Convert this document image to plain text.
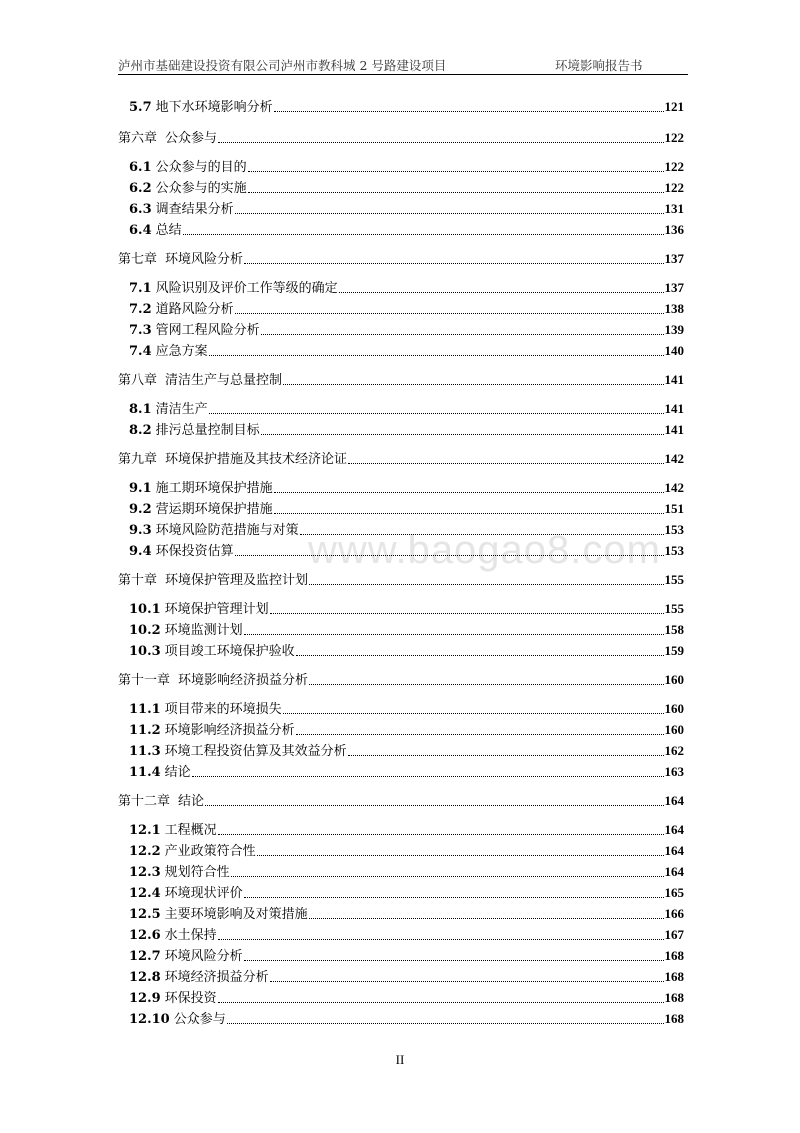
泸州市基础建设投资有限公司泸州市教科城 2 号路建设项目	环境影响报告书
www.baogao8.com
5.7 地下水环境影响分析	121
第六章 公众参与	122
6.1 公众参与的目的	122
6.2 公众参与的实施	122
6.3 调查结果分析	131
6.4 总结	136
第七章 环境风险分析	137
7.1 风险识别及评价工作等级的确定	137
7.2 道路风险分析	138
7.3 管网工程风险分析	139
7.4 应急方案	140
第八章 清洁生产与总量控制	141
8.1 清洁生产	141
8.2 排污总量控制目标	141
第九章 环境保护措施及其技术经济论证	142
9.1 施工期环境保护措施	142
9.2 营运期环境保护措施	151
9.3 环境风险防范措施与对策	153
9.4 环保投资估算	153
第十章 环境保护管理及监控计划	155
10.1 环境保护管理计划	155
10.2 环境监测计划	158
10.3 项目竣工环境保护验收	159
第十一章 环境影响经济损益分析	160
11.1 项目带来的环境损失	160
11.2 环境影响经济损益分析	160
11.3 环境工程投资估算及其效益分析	162
11.4 结论	163
第十二章 结论	164
12.1 工程概况	164
12.2 产业政策符合性	164
12.3 规划符合性	164
12.4 环境现状评价	165
12.5 主要环境影响及对策措施	166
12.6 水土保持	167
12.7 环境风险分析	168
12.8 环境经济损益分析	168
12.9 环保投资	168
12.10 公众参与	168
II
